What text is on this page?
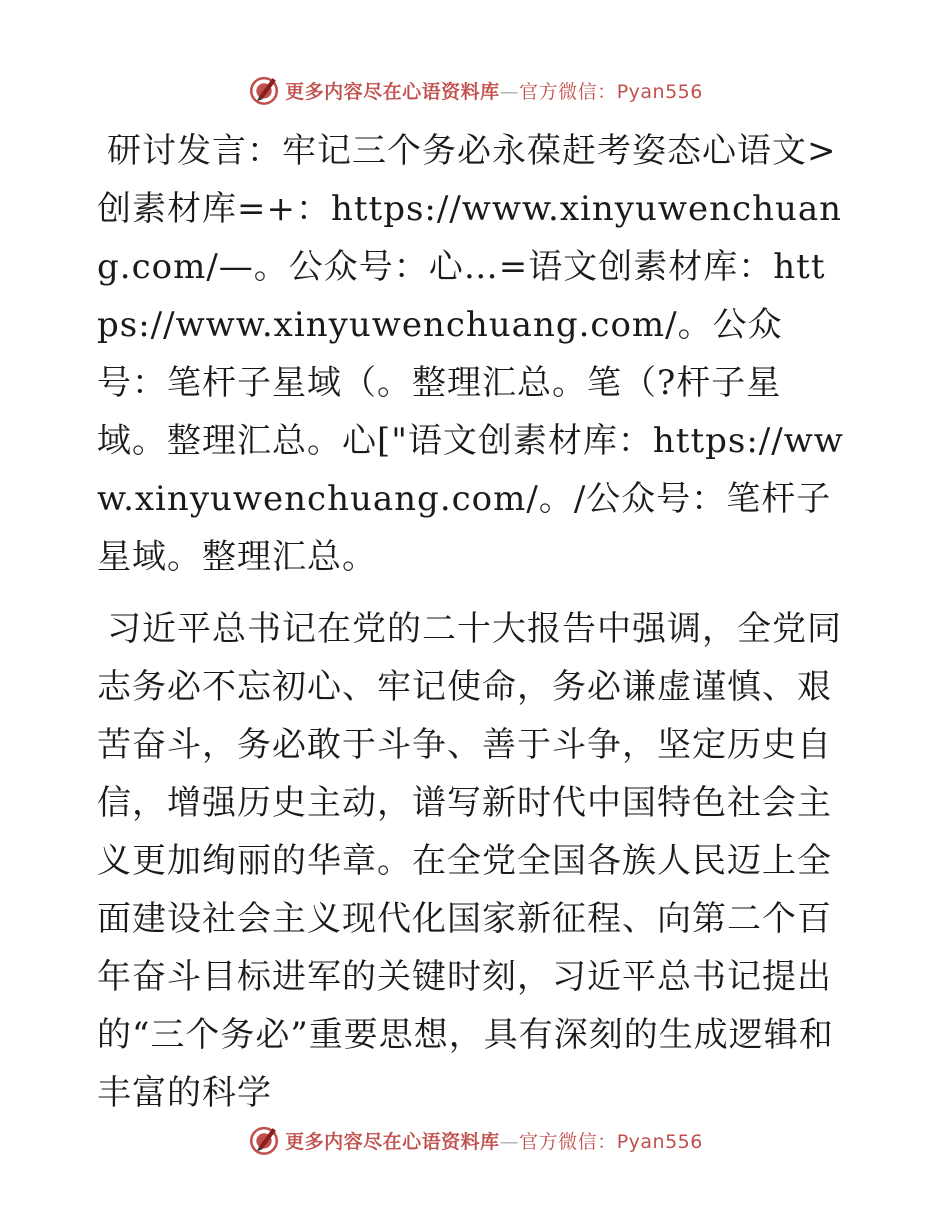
更多内容尽在心语资料库—官方微信：Pyan556

研讨发言：牢记三个务必永葆赶考姿态心语文>创素材库=+：https://www.xinyuwenchuang.com/—。公众号：心…=语文创素材库：https://www.xinyuwenchuang.com/。公众号：笔杆子星域（。整理汇总。笔（?杆子星域。整理汇总。心["语文创素材库：https://www.xinyuwenchuang.com/。/公众号：笔杆子星域。整理汇总。

习近平总书记在党的二十大报告中强调，全党同志务必不忘初心、牢记使命，务必谦虚谨慎、艰苦奋斗，务必敢于斗争、善于斗争，坚定历史自信，增强历史主动，谱写新时代中国特色社会主义更加绚丽的华章。在全党全国各族人民迈上全面建设社会主义现代化国家新征程、向第二个百年奋斗目标进军的关键时刻，习近平总书记提出的“三个务必”重要思想，具有深刻的生成逻辑和丰富的科学

更多内容尽在心语资料库—官方微信：Pyan556
